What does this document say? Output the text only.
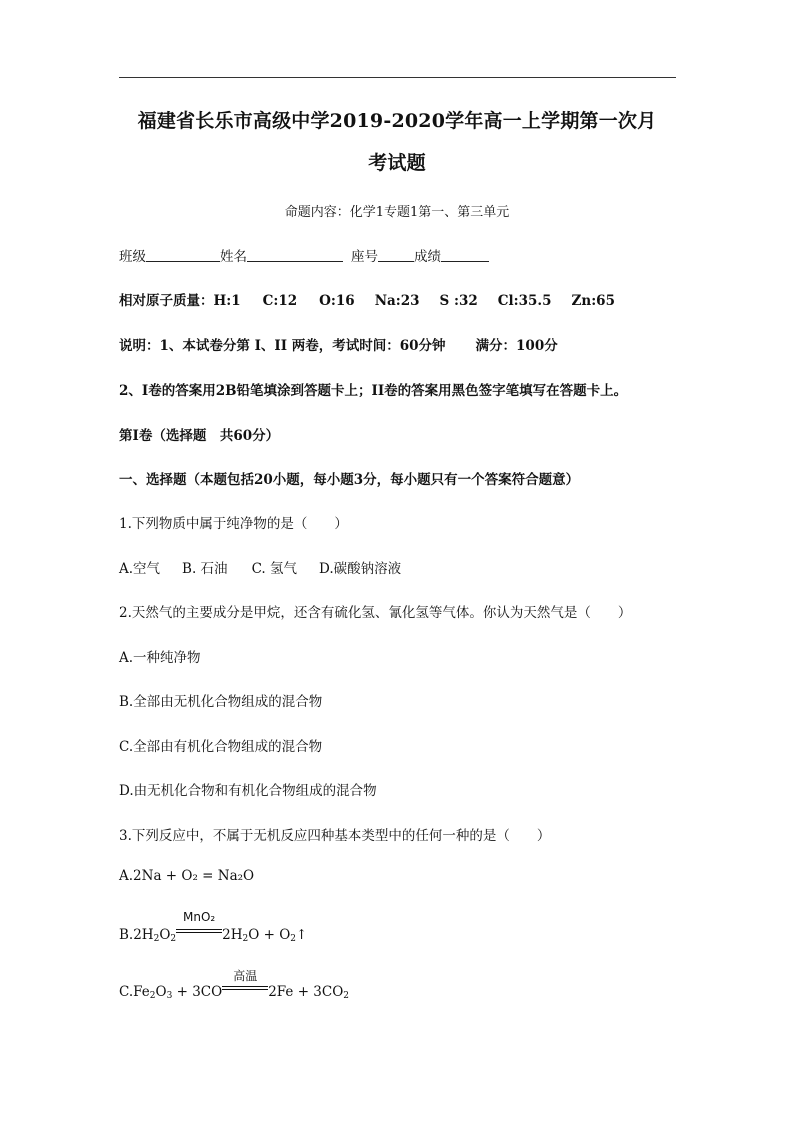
福建省长乐市高级中学2019-2020学年高一上学期第一次月
考试题
命题内容：化学1专题1第一、第三单元
班级	姓名	座号	成绩
相对原子质量：H:1 C:12 O:16 Na:23 S :32 Cl:35.5 Zn:65
说明：1、本试卷分第 I、II 两卷，考试时间：60分钟 满分：100分
2、Ⅰ卷的答案用2B铅笔填涂到答题卡上；II卷的答案用黑色签字笔填写在答题卡上。
第Ⅰ卷（选择题　共60分）
一、选择题（本题包括20小题，每小题3分，每小题只有一个答案符合题意）
1.下列物质中属于纯净物的是（　　）
A.空气 B. 石油 C. 氢气 D.碳酸钠溶液
2.天然气的主要成分是甲烷，还含有硫化氢、氰化氢等气体。你认为天然气是（　　）
A.一种纯净物
B.全部由无机化合物组成的混合物
C.全部由有机化合物组成的混合物
D.由无机化合物和有机化合物组成的混合物
3.下列反应中，不属于无机反应四种基本类型中的任何一种的是（　　）
A.2Na + O₂ = Na₂O
$B.2H_2O_2$
MnO₂
$2H_2O$ + $O_2↑$
$C.Fe_2O_3 + 3CO$
高温
$2Fe + 3CO_2$
